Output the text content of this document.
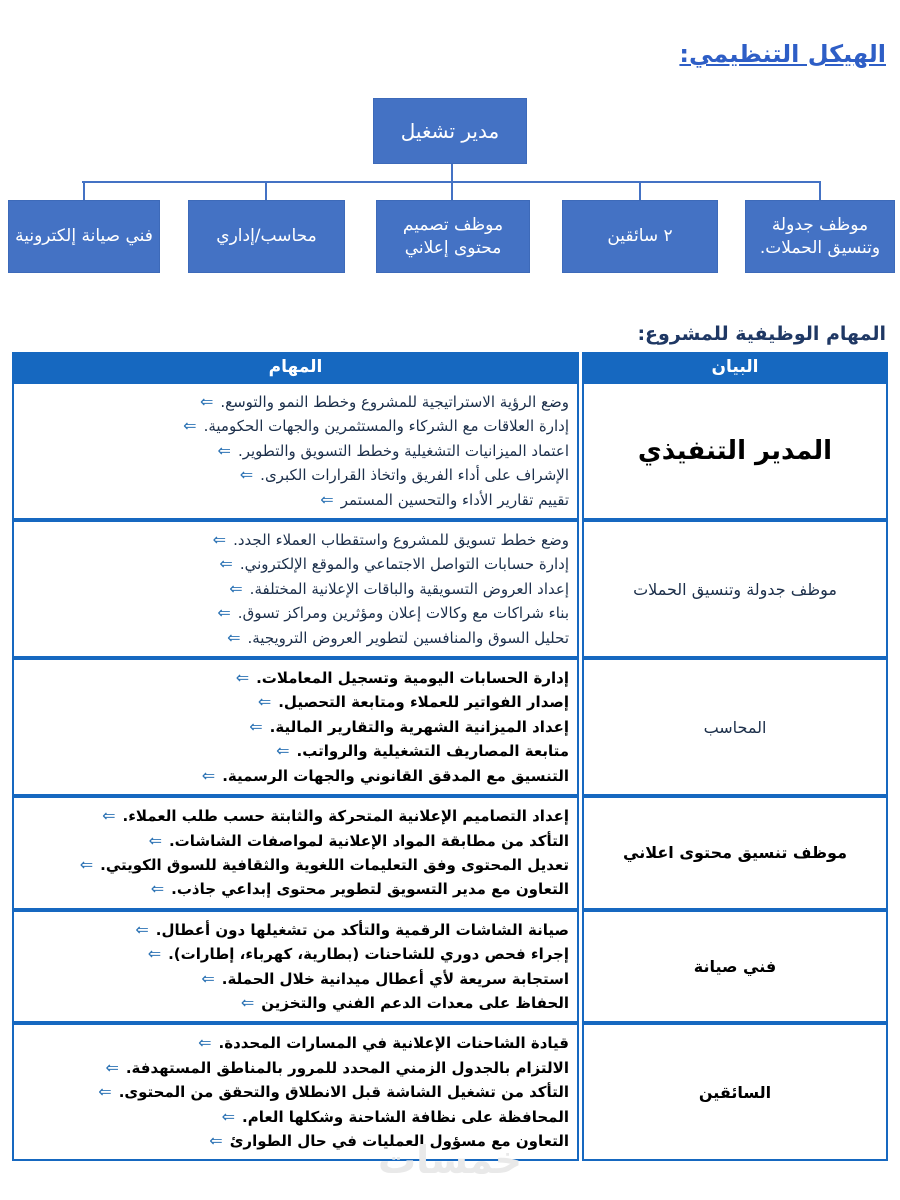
الهيكل التنظيمي:
مدير تشغيل
موظف جدولة وتنسيق الحملات.
٢ سائقين
موظف تصميم محتوى إعلاني
محاسب/إداري
فني صيانة إلكترونية
المهام الوظيفية للمشروع:
البيان
المهام
المدير التنفيذي
وضع الرؤية الاستراتيجية للمشروع وخطط النمو والتوسع.⇐
إدارة العلاقات مع الشركاء والمستثمرين والجهات الحكومية.⇐
اعتماد الميزانيات التشغيلية وخطط التسويق والتطوير.⇐
الإشراف على أداء الفريق واتخاذ القرارات الكبرى.⇐
تقييم تقارير الأداء والتحسين المستمر⇐
موظف جدولة وتنسيق الحملات
وضع خطط تسويق للمشروع واستقطاب العملاء الجدد.⇐
إدارة حسابات التواصل الاجتماعي والموقع الإلكتروني.⇐
إعداد العروض التسويقية والباقات الإعلانية المختلفة.⇐
بناء شراكات مع وكالات إعلان ومؤثرين ومراكز تسوق.⇐
تحليل السوق والمنافسين لتطوير العروض الترويجية.⇐
المحاسب
إدارة الحسابات اليومية وتسجيل المعاملات.⇐
إصدار الفواتير للعملاء ومتابعة التحصيل.⇐
إعداد الميزانية الشهرية والتقارير المالية.⇐
متابعة المصاريف التشغيلية والرواتب.⇐
التنسيق مع المدقق القانوني والجهات الرسمية.⇐
موظف تنسيق محتوى اعلاني
إعداد التصاميم الإعلانية المتحركة والثابتة حسب طلب العملاء.⇐
التأكد من مطابقة المواد الإعلانية لمواصفات الشاشات.⇐
تعديل المحتوى وفق التعليمات اللغوية والثقافية للسوق الكويتي.⇐
التعاون مع مدير التسويق لتطوير محتوى إبداعي جاذب.⇐
فني صيانة
صيانة الشاشات الرقمية والتأكد من تشغيلها دون أعطال.⇐
إجراء فحص دوري للشاحنات (بطارية، كهرباء، إطارات).⇐
استجابة سريعة لأي أعطال ميدانية خلال الحملة.⇐
الحفاظ على معدات الدعم الفني والتخزين⇐
السائقين
قيادة الشاحنات الإعلانية في المسارات المحددة.⇐
الالتزام بالجدول الزمني المحدد للمرور بالمناطق المستهدفة.⇐
التأكد من تشغيل الشاشة قبل الانطلاق والتحقق من المحتوى.⇐
المحافظة على نظافة الشاحنة وشكلها العام.⇐
التعاون مع مسؤول العمليات في حال الطوارئ⇐	خمسات
